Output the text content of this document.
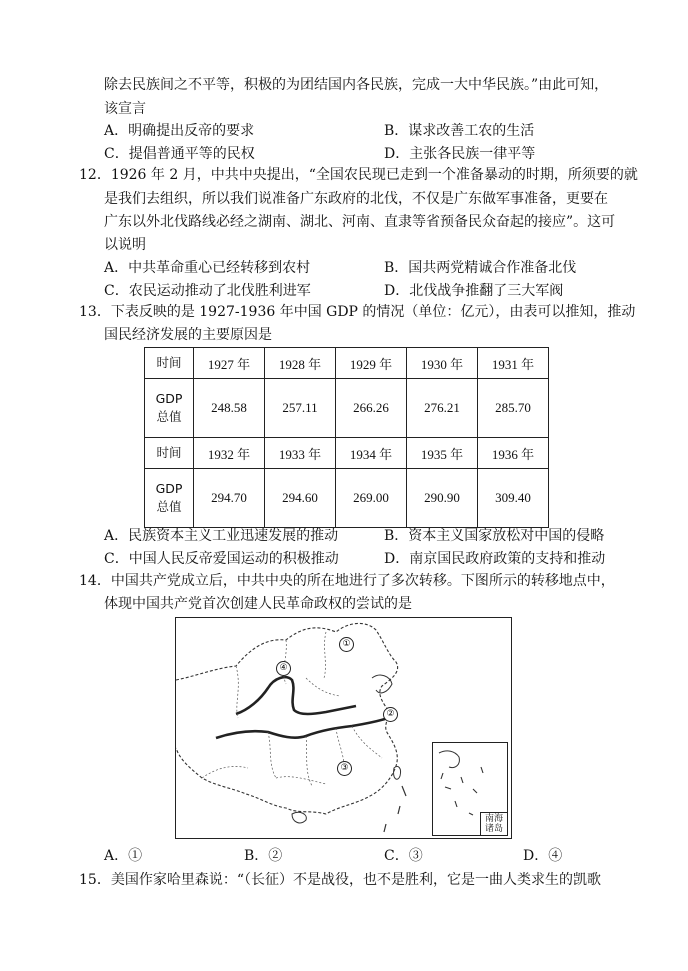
除去民族间之不平等，积极的为团结国内各民族，完成一大中华民族。”由此可知，
该宣言
A．明确提出反帝的要求	B．谋求改善工农的生活
C．提倡普通平等的民权	D．主张各民族一律平等
12．1926 年 2 月，中共中央提出，“全国农民现已走到一个准备暴动的时期，所须要的就
是我们去组织，所以我们说准备广东政府的北伐，不仅是广东做军事准备，更要在
广东以外北伐路线必经之湖南、湖北、河南、直隶等省预备民众奋起的接应”。这可
以说明
A．中共革命重心已经转移到农村	B．国共两党精诚合作准备北伐
C．农民运动推动了北伐胜利进军	D．北伐战争推翻了三大军阀
13．下表反映的是 1927-1936 年中国 GDP 的情况（单位：亿元），由表可以推知，推动
国民经济发展的主要原因是
时间	1927 年	1928 年	1929 年	1930 年	1931 年

GDP
总值	248.58	257.11	266.26	276.21	285.70
时间	1932 年	1933 年	1934 年	1935 年	1936 年

GDP
总值	294.70	294.60	269.00	290.90	309.40
A．民族资本主义工业迅速发展的推动	B．资本主义国家放松对中国的侵略
C．中国人民反帝爱国运动的积极推动	D．南京国民政府政策的支持和推动
14．中国共产党成立后，中共中央的所在地进行了多次转移。下图所示的转移地点中，
体现中国共产党首次创建人民革命政权的尝试的是
①
②
③
④
南海
诸岛
A．①	B．②	C．③	D．④
15．美国作家哈里森说：“（长征）不是战役，也不是胜利，它是一曲人类求生的凯歌
